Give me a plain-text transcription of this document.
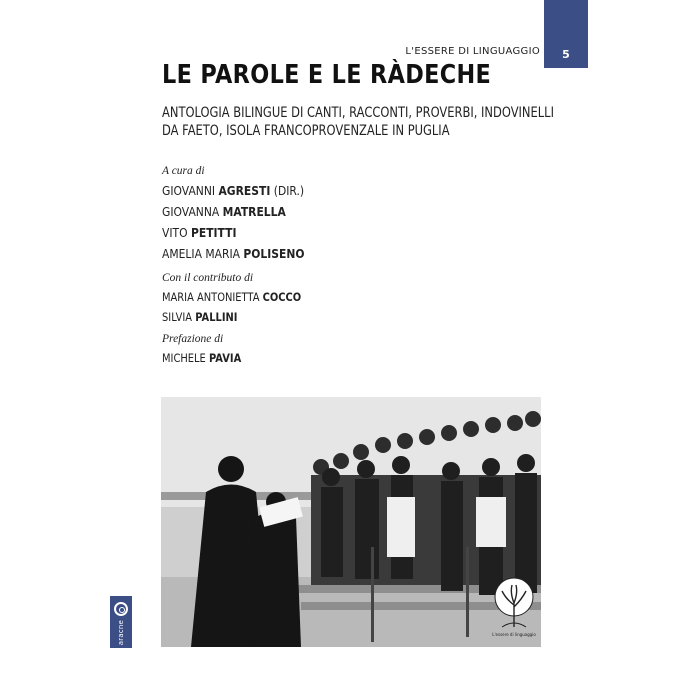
L'ESSERE DI LINGUAGGIO	5
LE PAROLE E LE RÀDECHE
ANTOLOGIA BILINGUE DI CANTI, RACCONTI, PROVERBI, INDOVINELLI
DA FAETO, ISOLA FRANCOPROVENZALE IN PUGLIA
A cura di
GIOVANNI AGRESTI (DIR.)
GIOVANNA MATRELLA
VITO PETITTI
AMELIA MARIA POLISENO
Con il contributo di
MARIA ANTONIETTA COCCO
SILVIA PALLINI
Prefazione di
MICHELE PAVIA
L'essere di linguaggio
aracne
